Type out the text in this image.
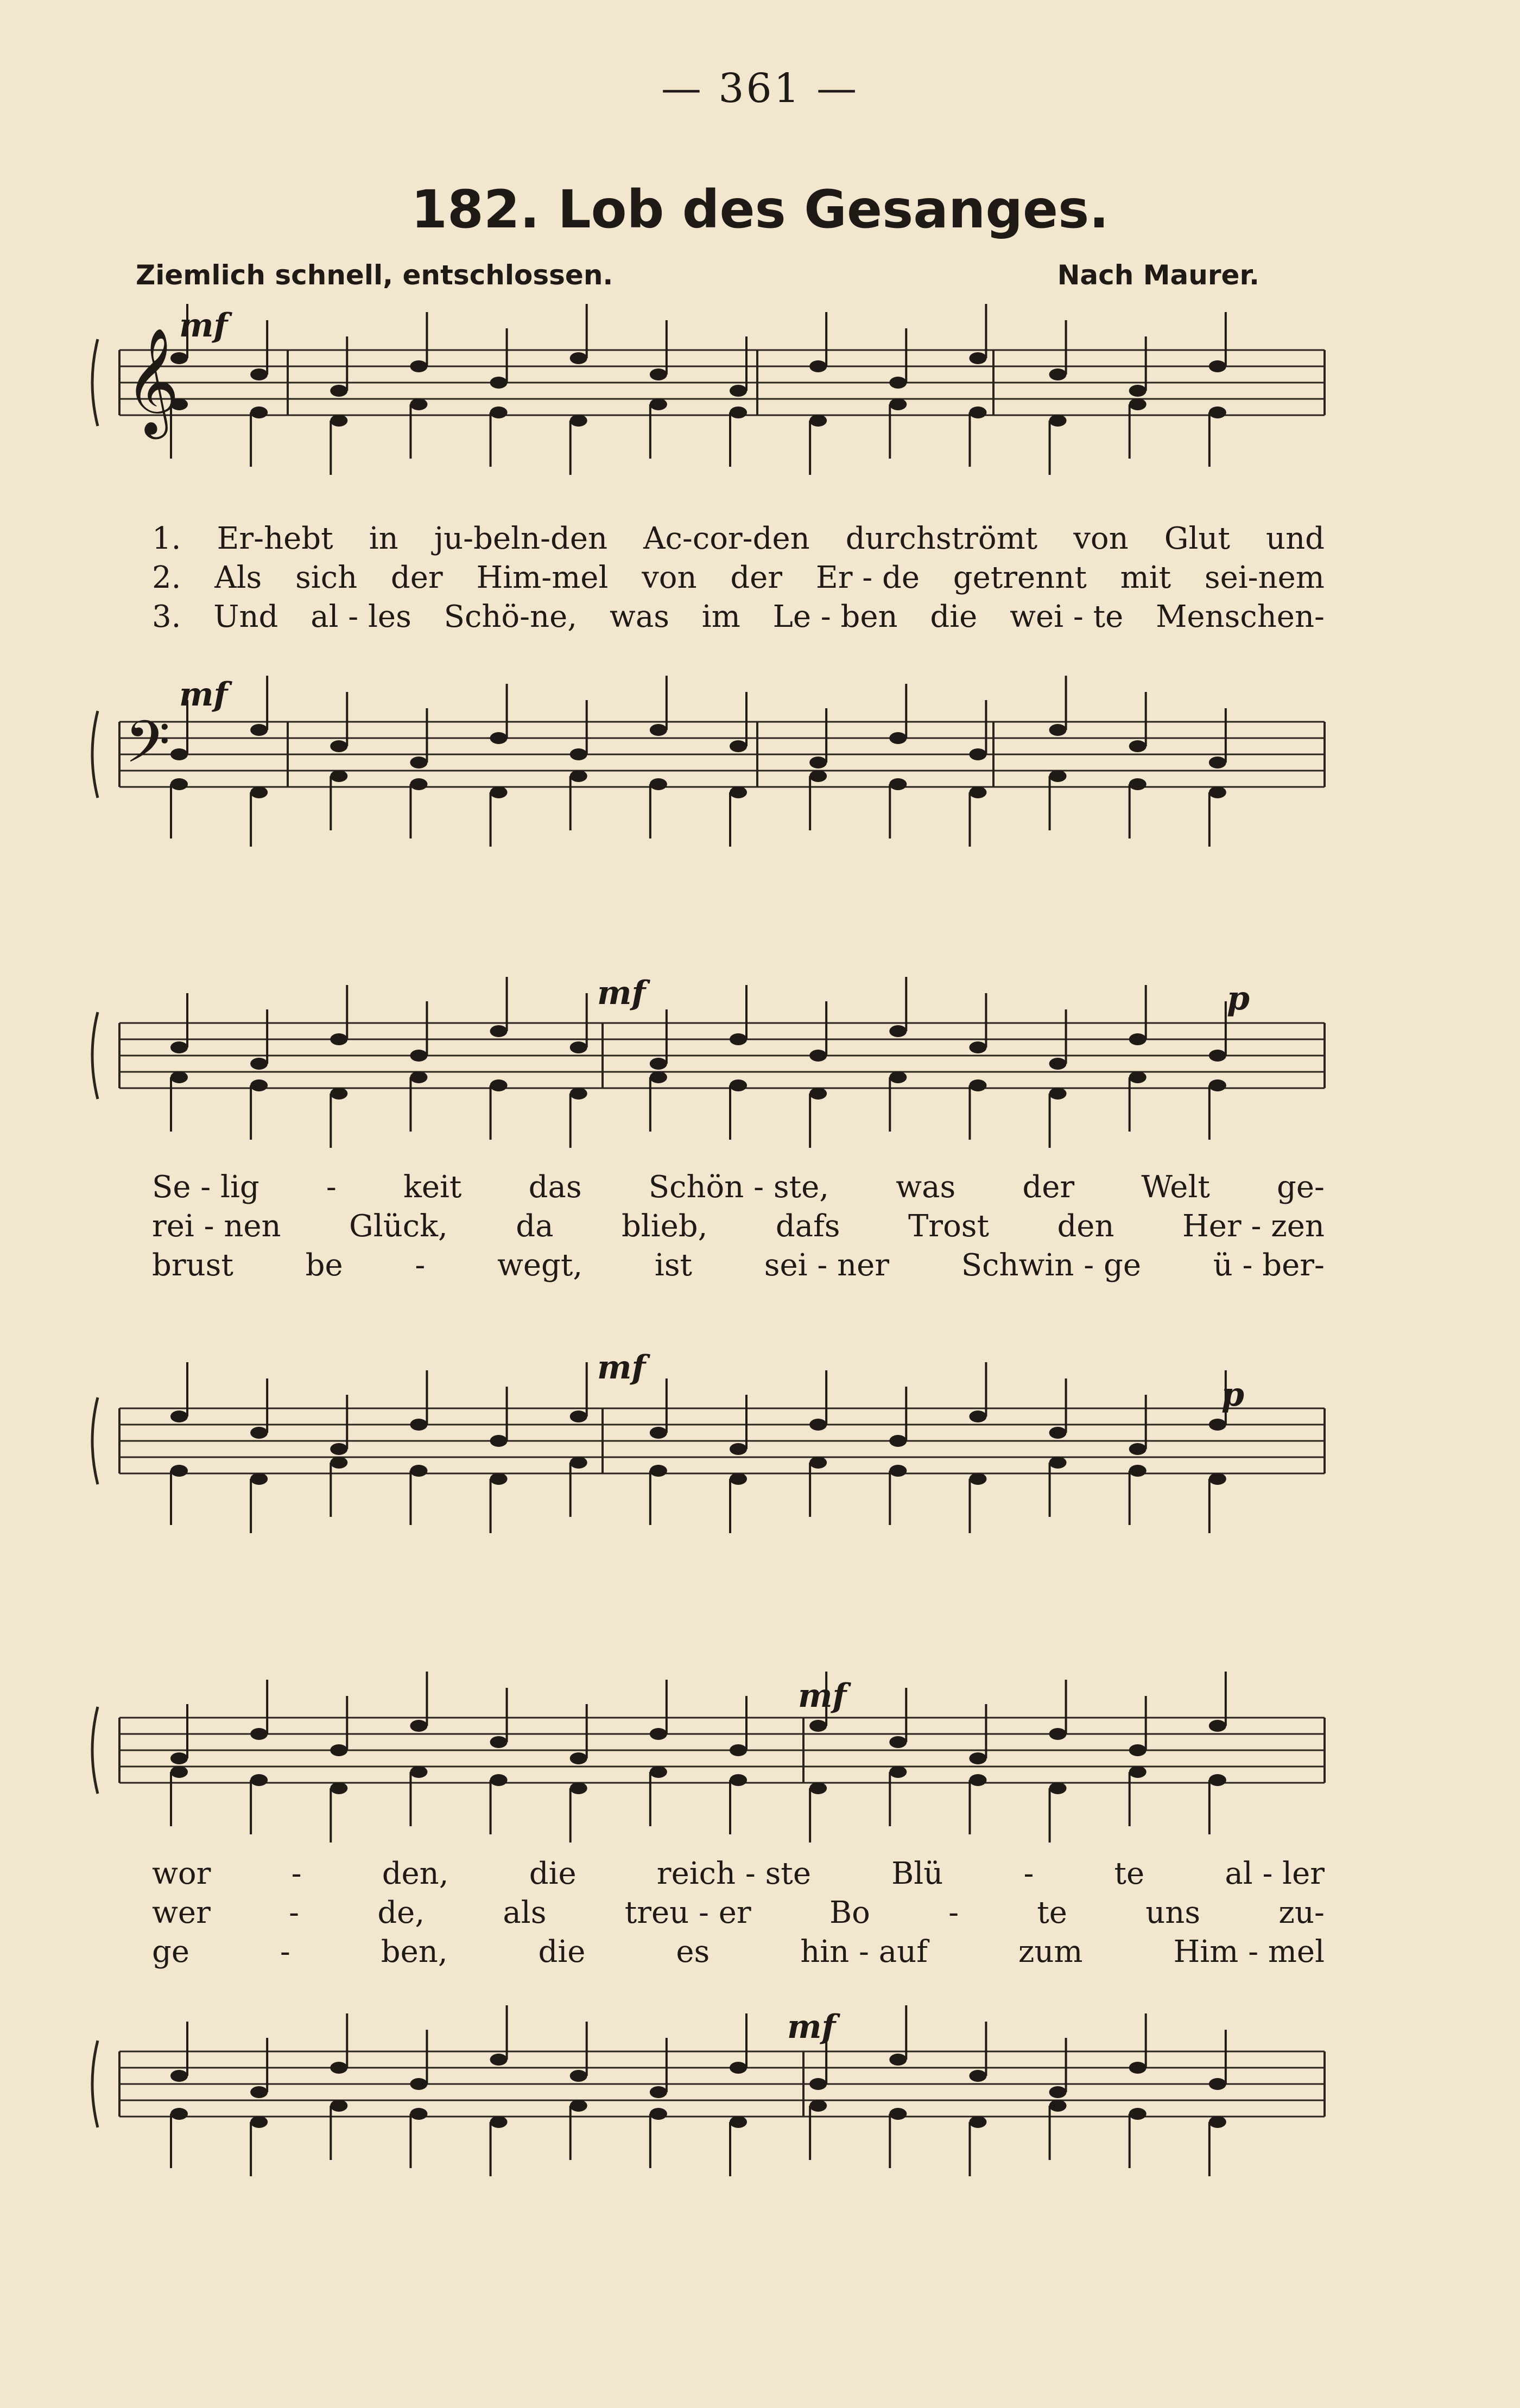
— 361 —
182. Lob des Gesanges.
Ziemlich schnell, entschlossen.	Nach Maurer.
𝄞
𝄢
mf
mf
mf	p
mf
p
mf
mf
1. Er-hebt in ju-beln-den Ac-cor-den durchströmt von Glut und
2. Als sich der Him-mel von der Er - de getrennt mit sei-nem
3. Und al - les Schö-ne, was im Le - ben die wei - te Menschen-
Se - lig - keit das Schön - ste, was der Welt ge-
rei - nen Glück, da blieb, dafs Trost den Her - zen
brust be - wegt, ist sei - ner Schwin - ge ü - ber-
wor	-	den,	die	reich - ste	Blü	-	te	al - ler
wer	-	de,	als	treu - er	Bo	-	te	uns	zu-
ge	-	ben,	die	es	hin - auf	zum	Him - mel
